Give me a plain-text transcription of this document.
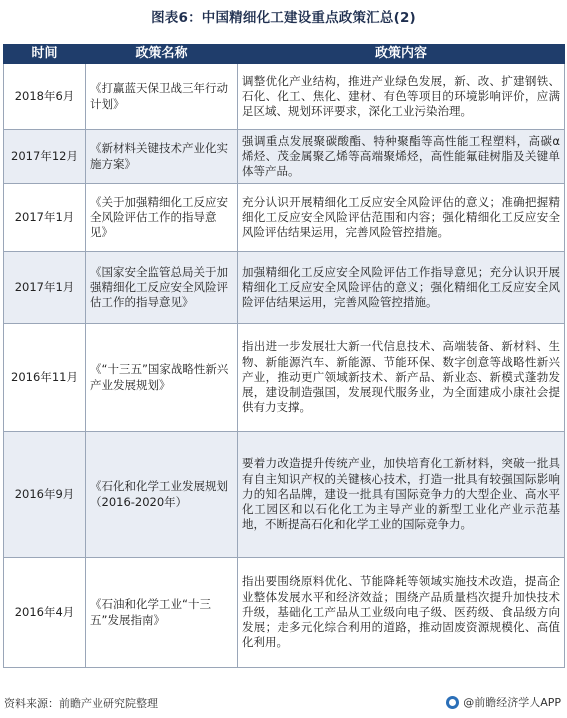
图表6：中国精细化工建设重点政策汇总(2)
时间	政策名称	政策内容
2018年6月	《打赢蓝天保卫战三年行动计划》	调整优化产业结构，推进产业绿色发展，新、改、扩建钢铁、石化、化工、焦化、建材、有色等项目的环境影响评价，应满足区域、规划环评要求，深化工业污染治理。
2017年12月	《新材料关键技术产业化实施方案》	强调重点发展聚碳酸酯、特种聚酯等高性能工程塑料，高碳α烯烃、茂金属聚乙烯等高端聚烯烃，高性能氟硅树脂及关键单体等产品。
2017年1月	《关于加强精细化工反应安全风险评估工作的指导意见》	充分认识开展精细化工反应安全风险评估的意义；准确把握精细化工反应安全风险评估范围和内容；强化精细化工反应安全风险评估结果运用，完善风险管控措施。
2017年1月	《国家安全监管总局关于加强精细化工反应安全风险评估工作的指导意见》	加强精细化工反应安全风险评估工作指导意见；充分认识开展精细化工反应安全风险评估的意义；强化精细化工反应安全风险评估结果运用，完善风险管控措施。
2016年11月	《“十三五”国家战略性新兴产业发展规划》	指出进一步发展壮大新一代信息技术、高端装备、新材料、生物、新能源汽车、新能源、节能环保、数字创意等战略性新兴产业，推动更广领域新技术、新产品、新业态、新模式蓬勃发展，建设制造强国，发展现代服务业，为全面建成小康社会提供有力支撑。
2016年9月	《石化和化学工业发展规划（2016-2020年）	要着力改造提升传统产业，加快培育化工新材料，突破一批具有自主知识产权的关键核心技术，打造一批具有较强国际影响力的知名品牌，建设一批具有国际竞争力的大型企业、高水平化工园区和以石化化工为主导产业的新型工业化产业示范基地，不断提高石化和化学工业的国际竞争力。
2016年4月	《石油和化学工业“十三五”发展指南》	指出要围绕原料优化、节能降耗等领域实施技术改造，提高企业整体发展水平和经济效益；围绕产品质量档次提升加快技术升级，基础化工产品从工业级向电子级、医药级、食品级方向发展；走多元化综合利用的道路，推动固废资源规模化、高值化利用。
资料来源：前瞻产业研究院整理	@前瞻经济学人APP
